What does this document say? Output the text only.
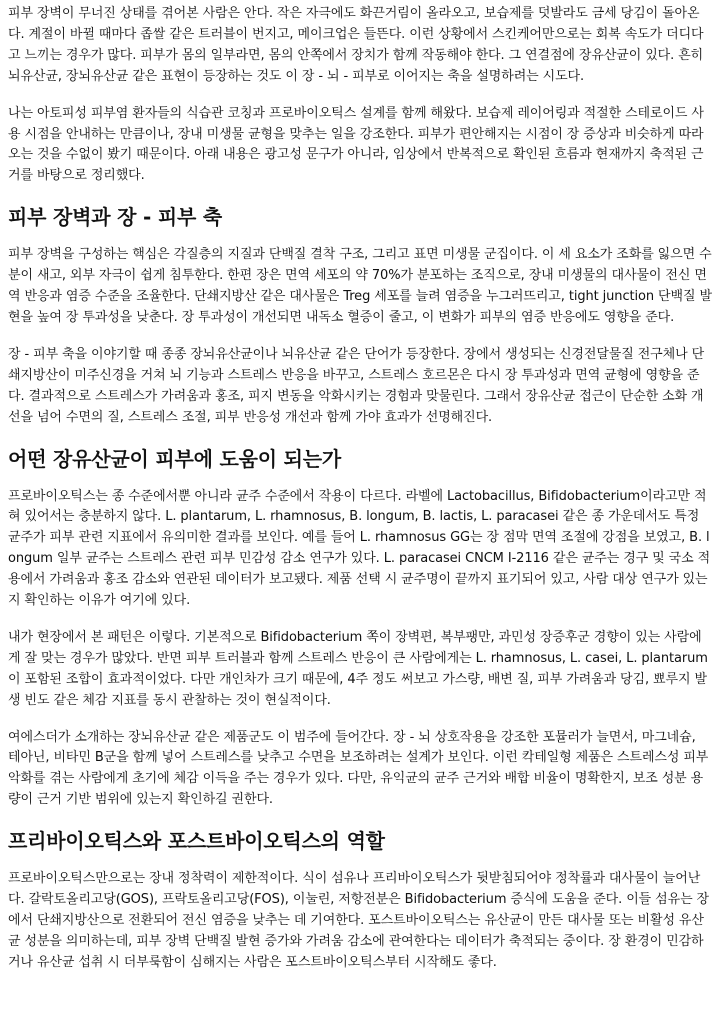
피부 장벽이 무너진 상태를 겪어본 사람은 안다. 작은 자극에도 화끈거림이 올라오고, 보습제를 덧발라도 금세 당김이 돌아온다. 계절이 바뀔 때마다 좁쌀 같은 트러블이 번지고, 메이크업은 들뜬다. 이런 상황에서 스킨케어만으로는 회복 속도가 더디다고 느끼는 경우가 많다. 피부가 몸의 일부라면, 몸의 안쪽에서 장치가 함께 작동해야 한다. 그 연결점에 장유산균이 있다. 흔히 뇌유산균, 장뇌유산균 같은 표현이 등장하는 것도 이 장 - 뇌 - 피부로 이어지는 축을 설명하려는 시도다.

나는 아토피성 피부염 환자들의 식습관 코칭과 프로바이오틱스 설계를 함께 해왔다. 보습제 레이어링과 적절한 스테로이드 사용 시점을 안내하는 만큼이나, 장내 미생물 균형을 맞추는 일을 강조한다. 피부가 편안해지는 시점이 장 증상과 비슷하게 따라오는 것을 수없이 봤기 때문이다. 아래 내용은 광고성 문구가 아니라, 임상에서 반복적으로 확인된 흐름과 현재까지 축적된 근거를 바탕으로 정리했다.

피부 장벽과 장 - 피부 축

피부 장벽을 구성하는 핵심은 각질층의 지질과 단백질 결착 구조, 그리고 표면 미생물 군집이다. 이 세 요소가 조화를 잃으면 수분이 새고, 외부 자극이 쉽게 침투한다. 한편 장은 면역 세포의 약 70%가 분포하는 조직으로, 장내 미생물의 대사물이 전신 면역 반응과 염증 수준을 조율한다. 단쇄지방산 같은 대사물은 Treg 세포를 늘려 염증을 누그러뜨리고, tight junction 단백질 발현을 높여 장 투과성을 낮춘다. 장 투과성이 개선되면 내독소 혈증이 줄고, 이 변화가 피부의 염증 반응에도 영향을 준다.

장 - 피부 축을 이야기할 때 종종 장뇌유산균이나 뇌유산균 같은 단어가 등장한다. 장에서 생성되는 신경전달물질 전구체나 단쇄지방산이 미주신경을 거쳐 뇌 기능과 스트레스 반응을 바꾸고, 스트레스 호르몬은 다시 장 투과성과 면역 균형에 영향을 준다. 결과적으로 스트레스가 가려움과 홍조, 피지 변동을 악화시키는 경험과 맞물린다. 그래서 장유산균 접근이 단순한 소화 개선을 넘어 수면의 질, 스트레스 조절, 피부 반응성 개선과 함께 가야 효과가 선명해진다.

어떤 장유산균이 피부에 도움이 되는가

프로바이오틱스는 종 수준에서뿐 아니라 균주 수준에서 작용이 다르다. 라벨에 Lactobacillus, Bifidobacterium이라고만 적혀 있어서는 충분하지 않다. L. plantarum, L. rhamnosus, B. longum, B. lactis, L. paracasei 같은 종 가운데서도 특정 균주가 피부 관련 지표에서 유의미한 결과를 보인다. 예를 들어 L. rhamnosus GG는 장 점막 면역 조절에 강점을 보였고, B. longum 일부 균주는 스트레스 관련 피부 민감성 감소 연구가 있다. L. paracasei CNCM I-2116 같은 균주는 경구 및 국소 적용에서 가려움과 홍조 감소와 연관된 데이터가 보고됐다. 제품 선택 시 균주명이 끝까지 표기되어 있고, 사람 대상 연구가 있는지 확인하는 이유가 여기에 있다.

내가 현장에서 본 패턴은 이렇다. 기본적으로 Bifidobacterium 쪽이 장벽편, 복부팽만, 과민성 장증후군 경향이 있는 사람에게 잘 맞는 경우가 많았다. 반면 피부 트러블과 함께 스트레스 반응이 큰 사람에게는 L. rhamnosus, L. casei, L. plantarum이 포함된 조합이 효과적이었다. 다만 개인차가 크기 때문에, 4주 정도 써보고 가스량, 배변 질, 피부 가려움과 당김, 뾰루지 발생 빈도 같은 체감 지표를 동시 관찰하는 것이 현실적이다.

여에스더가 소개하는 장뇌유산균 같은 제품군도 이 범주에 들어간다. 장 - 뇌 상호작용을 강조한 포뮬러가 늘면서, 마그네슘, 테아닌, 비타민 B군을 함께 넣어 스트레스를 낮추고 수면을 보조하려는 설계가 보인다. 이런 칵테일형 제품은 스트레스성 피부 악화를 겪는 사람에게 초기에 체감 이득을 주는 경우가 있다. 다만, 유익균의 균주 근거와 배합 비율이 명확한지, 보조 성분 용량이 근거 기반 범위에 있는지 확인하길 권한다.

프리바이오틱스와 포스트바이오틱스의 역할

프로바이오틱스만으로는 장내 정착력이 제한적이다. 식이 섬유나 프리바이오틱스가 뒷받침되어야 정착률과 대사물이 늘어난다. 갈락토올리고당(GOS), 프락토올리고당(FOS), 이눌린, 저항전분은 Bifidobacterium 증식에 도움을 준다. 이들 섬유는 장에서 단쇄지방산으로 전환되어 전신 염증을 낮추는 데 기여한다. 포스트바이오틱스는 유산균이 만든 대사물 또는 비활성 유산균 성분을 의미하는데, 피부 장벽 단백질 발현 증가와 가려움 감소에 관여한다는 데이터가 축적되는 중이다. 장 환경이 민감하거나 유산균 섭취 시 더부룩함이 심해지는 사람은 포스트바이오틱스부터 시작해도 좋다.
